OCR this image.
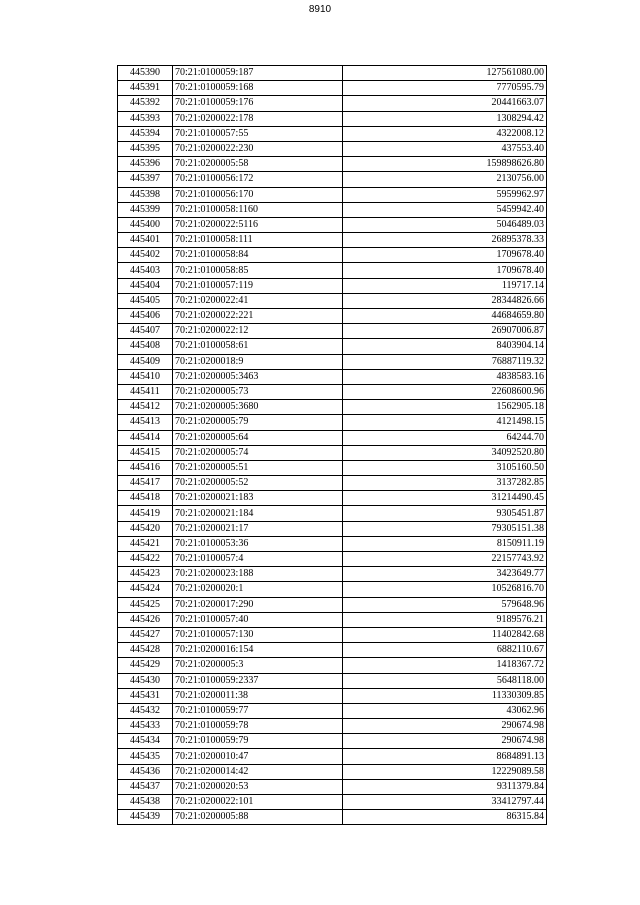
8910
445390	70:21:0100059:187	127561080.00
445391	70:21:0100059:168	7770595.79
445392	70:21:0100059:176	20441663.07
445393	70:21:0200022:178	1308294.42
445394	70:21:0100057:55	4322008.12
445395	70:21:0200022:230	437553.40
445396	70:21:0200005:58	159898626.80
445397	70:21:0100056:172	2130756.00
445398	70:21:0100056:170	5959962.97
445399	70:21:0100058:1160	5459942.40
445400	70:21:0200022:5116	5046489.03
445401	70:21:0100058:111	26895378.33
445402	70:21:0100058:84	1709678.40
445403	70:21:0100058:85	1709678.40
445404	70:21:0100057:119	119717.14
445405	70:21:0200022:41	28344826.66
445406	70:21:0200022:221	44684659.80
445407	70:21:0200022:12	26907006.87
445408	70:21:0100058:61	8403904.14
445409	70:21:0200018:9	76887119.32
445410	70:21:0200005:3463	4838583.16
445411	70:21:0200005:73	22608600.96
445412	70:21:0200005:3680	1562905.18
445413	70:21:0200005:79	4121498.15
445414	70:21:0200005:64	64244.70
445415	70:21:0200005:74	34092520.80
445416	70:21:0200005:51	3105160.50
445417	70:21:0200005:52	3137282.85
445418	70:21:0200021:183	31214490.45
445419	70:21:0200021:184	9305451.87
445420	70:21:0200021:17	79305151.38
445421	70:21:0100053:36	8150911.19
445422	70:21:0100057:4	22157743.92
445423	70:21:0200023:188	3423649.77
445424	70:21:0200020:1	10526816.70
445425	70:21:0200017:290	579648.96
445426	70:21:0100057:40	9189576.21
445427	70:21:0100057:130	11402842.68
445428	70:21:0200016:154	6882110.67
445429	70:21:0200005:3	1418367.72
445430	70:21:0100059:2337	5648118.00
445431	70:21:0200011:38	11330309.85
445432	70:21:0100059:77	43062.96
445433	70:21:0100059:78	290674.98
445434	70:21:0100059:79	290674.98
445435	70:21:0200010:47	8684891.13
445436	70:21:0200014:42	12229089.58
445437	70:21:0200020:53	9311379.84
445438	70:21:0200022:101	33412797.44
445439	70:21:0200005:88	86315.84
